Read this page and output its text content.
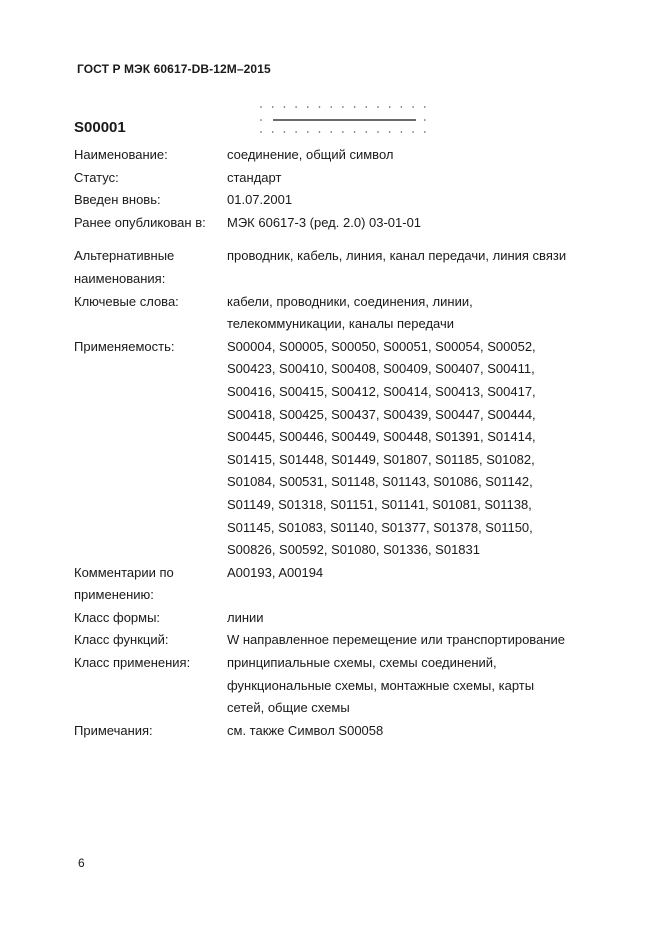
ГОСТ Р МЭК 60617-DB-12M–2015
S00001
Наименование:	соединение, общий символ
Статус:	стандарт
Введен вновь:	01.07.2001
Ранее опубликован в:	МЭК 60617-3 (ред. 2.0) 03-01-01
Альтернативные
наименования:
проводник, кабель, линия, канал передачи, линия связи
Ключевые слова:	кабели, проводники, соединения, линии,
телекоммуникации, каналы передачи
Применяемость:	S00004, S00005, S00050, S00051, S00054, S00052,
S00423, S00410, S00408, S00409, S00407, S00411,
S00416, S00415, S00412, S00414, S00413, S00417,
S00418, S00425, S00437, S00439, S00447, S00444,
S00445, S00446, S00449, S00448, S01391, S01414,
S01415, S01448, S01449, S01807, S01185, S01082,
S01084, S00531, S01148, S01143, S01086, S01142,
S01149, S01318, S01151, S01141, S01081, S01138,
S01145, S01083, S01140, S01377, S01378, S01150,
S00826, S00592, S01080, S01336, S01831
Комментарии по
применению:
A00193, A00194
Класс формы:	линии
Класс функций:	W направленное перемещение или транспортирование
Класс применения:	принципиальные схемы, схемы соединений,
функциональные схемы, монтажные схемы, карты
сетей, общие схемы
Примечания:	см. также Символ S00058
6
